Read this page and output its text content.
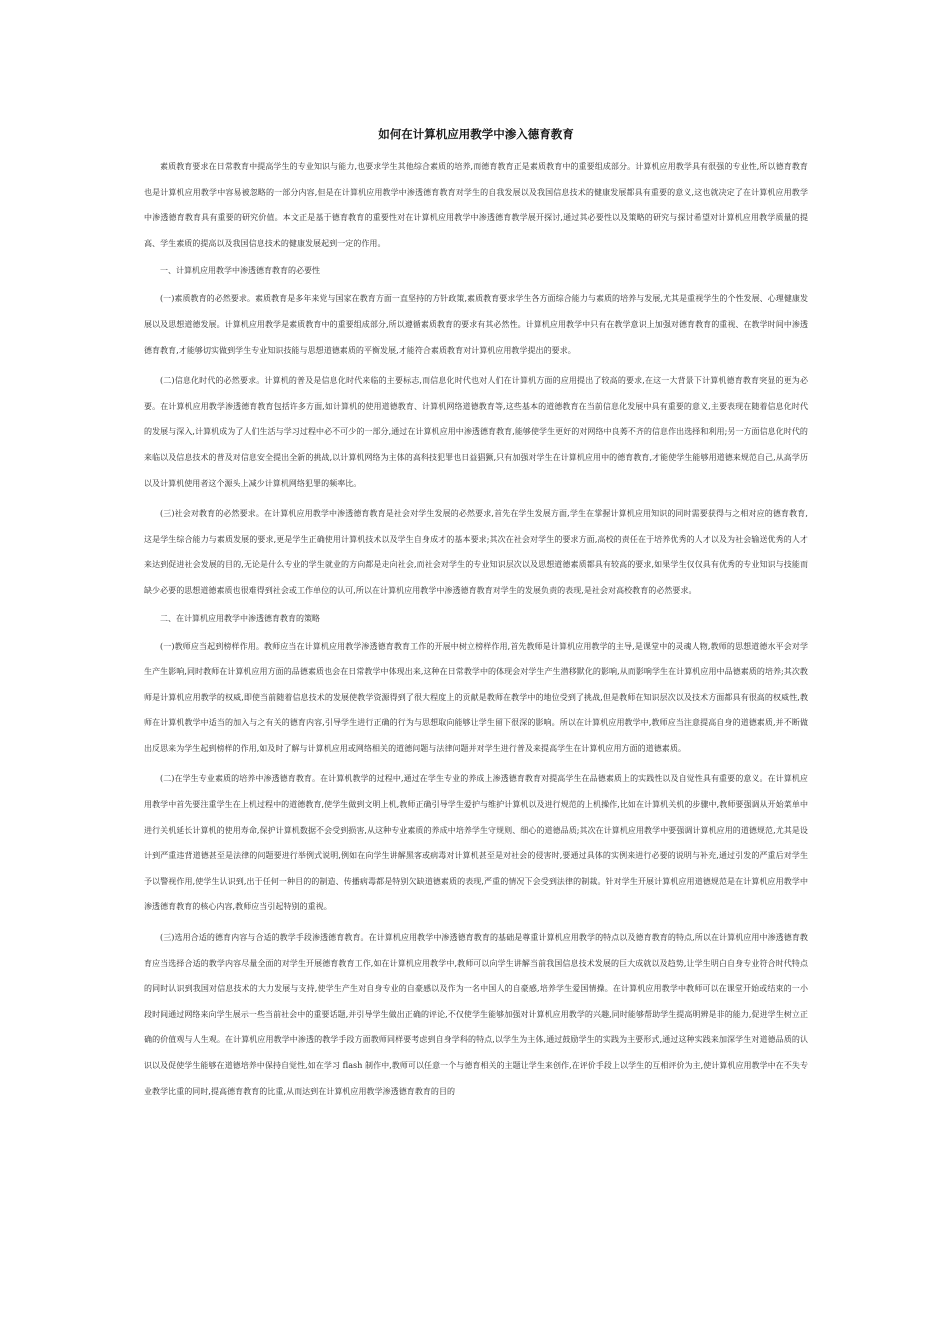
如何在计算机应用教学中渗入德育教育

素质教育要求在日常教育中提高学生的专业知识与能力,也要求学生其他综合素质的培养,而德育教育正是素质教育中的重要组成部分。计算机应用教学具有很强的专业性,所以德育教育也是计算机应用教学中容易被忽略的一部分内容,但是在计算机应用教学中渗透德育教育对学生的自我发展以及我国信息技术的健康发展都具有重要的意义,这也就决定了在计算机应用教学中渗透德育教育具有重要的研究价值。本文正是基于德育教育的重要性对在计算机应用教学中渗透德育教学展开探讨,通过其必要性以及策略的研究与探讨希望对计算机应用教学质量的提高、学生素质的提高以及我国信息技术的健康发展起到一定的作用。

一、计算机应用教学中渗透德育教育的必要性

(一)素质教育的必然要求。素质教育是多年来党与国家在教育方面一直坚持的方针政策,素质教育要求学生各方面综合能力与素质的培养与发展,尤其是重视学生的个性发展、心理健康发展以及思想道德发展。计算机应用教学是素质教育中的重要组成部分,所以遵循素质教育的要求有其必然性。计算机应用教学中只有在教学意识上加强对德育教育的重视、在教学时间中渗透德育教育,才能够切实做到学生专业知识技能与思想道德素质的平衡发展,才能符合素质教育对计算机应用教学提出的要求。

(二)信息化时代的必然要求。计算机的普及是信息化时代来临的主要标志,而信息化时代也对人们在计算机方面的应用提出了较高的要求,在这一大背景下计算机德育教育突显的更为必要。在计算机应用教学渗透德育教育包括许多方面,如计算机的使用道德教育、计算机网络道德教育等,这些基本的道德教育在当前信息化发展中具有重要的意义,主要表现在随着信息化时代的发展与深入,计算机成为了人们生活与学习过程中必不可少的一部分,通过在计算机应用中渗透德育教育,能够使学生更好的对网络中良莠不齐的信息作出选择和利用;另一方面信息化时代的来临以及信息技术的普及对信息安全提出全新的挑战,以计算机网络为主体的高科技犯罪也日益猖獗,只有加强对学生在计算机应用中的德育教育,才能使学生能够用道德来规范自己,从高学历以及计算机使用者这个源头上减少计算机网络犯罪的频率比。

(三)社会对教育的必然要求。在计算机应用教学中渗透德育教育是社会对学生发展的必然要求,首先在学生发展方面,学生在掌握计算机应用知识的同时需要获得与之相对应的德育教育,这是学生综合能力与素质发展的要求,更是学生正确使用计算机技术以及学生自身成才的基本要求;其次在社会对学生的要求方面,高校的责任在于培养优秀的人才以及为社会输送优秀的人才来达到促进社会发展的目的,无论是什么专业的学生就业的方向都是走向社会,而社会对学生的专业知识层次以及思想道德素质都具有较高的要求,如果学生仅仅具有优秀的专业知识与技能而缺少必要的思想道德素质也很难得到社会或工作单位的认可,所以在计算机应用教学中渗透德育教育对学生的发展负责的表现,是社会对高校教育的必然要求。

二、在计算机应用教学中渗透德育教育的策略

(一)教师应当起到榜样作用。教师应当在计算机应用教学渗透德育教育工作的开展中树立榜样作用,首先教师是计算机应用教学的主导,是课堂中的灵魂人物,教师的思想道德水平会对学生产生影响,同时教师在计算机应用方面的品德素质也会在日常教学中体现出来,这种在日常教学中的体现会对学生产生潜移默化的影响,从而影响学生在计算机应用中品德素质的培养;其次教师是计算机应用教学的权威,即使当前随着信息技术的发展使教学资源得到了很大程度上的贡献是教师在教学中的地位受到了挑战,但是教师在知识层次以及技术方面都具有很高的权威性,教师在计算机教学中适当的加入与之有关的德育内容,引导学生进行正确的行为与思想取向能够让学生留下很深的影响。所以在计算机应用教学中,教师应当注意提高自身的道德素质,并不断做出反思来为学生起到榜样的作用,如及时了解与计算机应用或网络相关的道德问题与法律问题并对学生进行普及来提高学生在计算机应用方面的道德素质。

(二)在学生专业素质的培养中渗透德育教育。在计算机教学的过程中,通过在学生专业的养成上渗透德育教育对提高学生在品德素质上的实践性以及自觉性具有重要的意义。在计算机应用教学中首先要注重学生在上机过程中的道德教育,使学生做到文明上机,教师正确引导学生爱护与维护计算机以及进行规范的上机操作,比如在计算机关机的步骤中,教师要强调从开始菜单中进行关机延长计算机的使用寿命,保护计算机数据不会受到损害,从这种专业素质的养成中培养学生守规则、细心的道德品质;其次在计算机应用教学中要强调计算机应用的道德规范,尤其是设计到严重违背道德甚至是法律的问题要进行举例式说明,例如在向学生讲解黑客或病毒对计算机甚至是对社会的侵害时,要通过具体的实例来进行必要的说明与补充,通过引发的严重后对学生予以警视作用,使学生认识到,出于任何一种目的的制造、传播病毒都是特别欠缺道德素质的表现,严重的情况下会受到法律的制裁。针对学生开展计算机应用道德规范是在计算机应用教学中渗透德育教育的核心内容,教师应当引起特别的重视。

(三)选用合适的德育内容与合适的教学手段渗透德育教育。在计算机应用教学中渗透德育教育的基础是尊重计算机应用教学的特点以及德育教育的特点,所以在计算机应用中渗透德育教育应当选择合适的教学内容尽量全面的对学生开展德育教育工作,如在计算机应用教学中,教师可以向学生讲解当前我国信息技术发展的巨大成就以及趋势,让学生明白自身专业符合时代特点的同时认识到我国对信息技术的大力发展与支持,使学生产生对自身专业的自豪感以及作为一名中国人的自豪感,培养学生爱国情操。在计算机应用教学中教师可以在课堂开始或结束的一小段时间通过网络来向学生展示一些当前社会中的重要话题,并引导学生做出正确的评论,不仅使学生能够加强对计算机应用教学的兴趣,同时能够帮助学生提高明辨是非的能力,促进学生树立正确的价值观与人生观。在计算机应用教学中渗透的教学手段方面教师同样要考虑到自身学科的特点,以学生为主体,通过鼓励学生的实践为主要形式,通过这种实践来加深学生对道德品质的认识以及促使学生能够在道德培养中保持自觉性,如在学习 flash 制作中,教师可以任意一个与德育相关的主题让学生来创作,在评价手段上以学生的互相评价为主,使计算机应用教学中在不失专业教学比重的同时,提高德育教育的比重,从而达到在计算机应用教学渗透德育教育的目的
